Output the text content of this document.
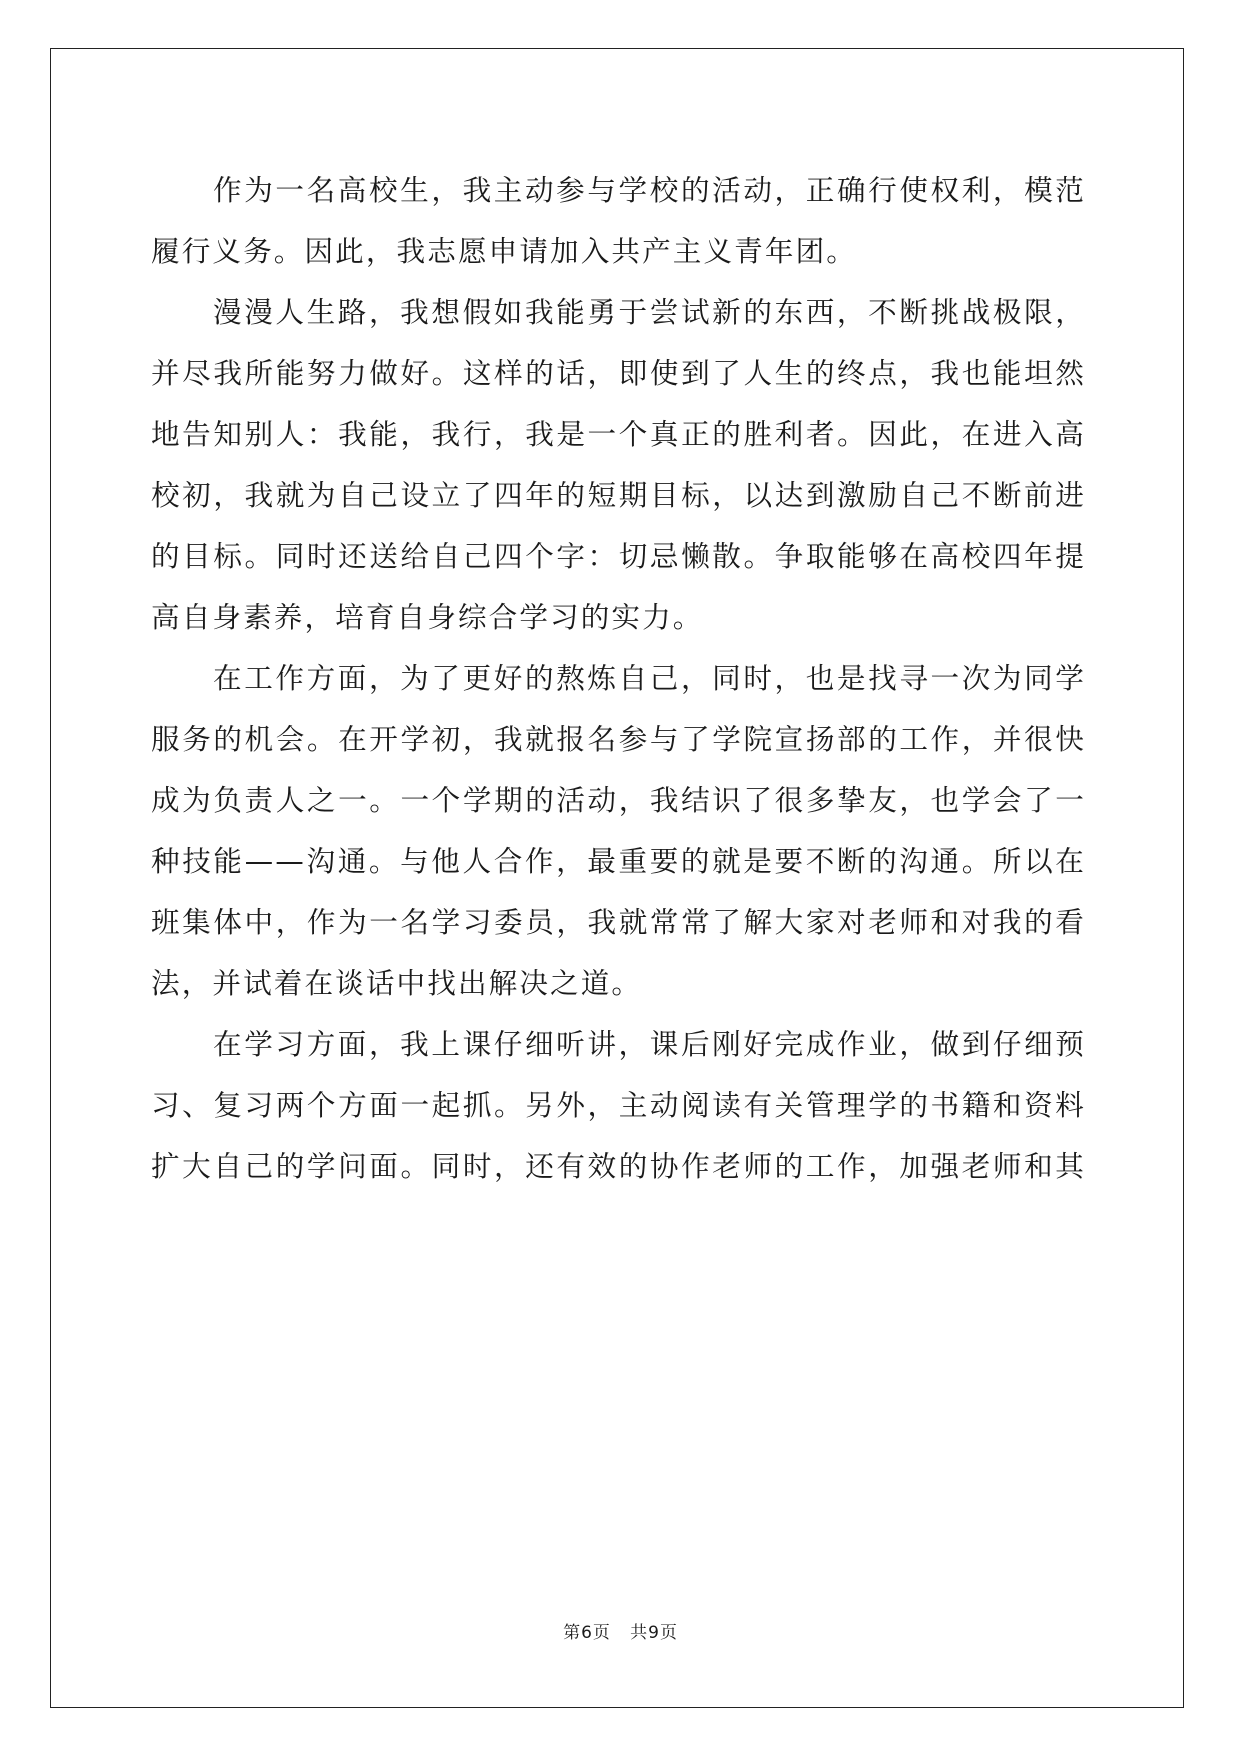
作为一名高校生，我主动参与学校的活动，正确行使权利，模范
履行义务。因此，我志愿申请加入共产主义青年团。
漫漫人生路，我想假如我能勇于尝试新的东西，不断挑战极限，
并尽我所能努力做好。这样的话，即使到了人生的终点，我也能坦然
地告知别人：我能，我行，我是一个真正的胜利者。因此，在进入高
校初，我就为自己设立了四年的短期目标，以达到激励自己不断前进
的目标。同时还送给自己四个字：切忌懒散。争取能够在高校四年提
高自身素养，培育自身综合学习的实力。
在工作方面，为了更好的熬炼自己，同时，也是找寻一次为同学
服务的机会。在开学初，我就报名参与了学院宣扬部的工作，并很快
成为负责人之一。一个学期的活动，我结识了很多挚友，也学会了一
种技能——沟通。与他人合作，最重要的就是要不断的沟通。所以在
班集体中，作为一名学习委员，我就常常了解大家对老师和对我的看
法，并试着在谈话中找出解决之道。
在学习方面，我上课仔细听讲，课后刚好完成作业，做到仔细预
习、复习两个方面一起抓。另外，主动阅读有关管理学的书籍和资料
扩大自己的学问面。同时，还有效的协作老师的工作，加强老师和其
第6页 共9页
